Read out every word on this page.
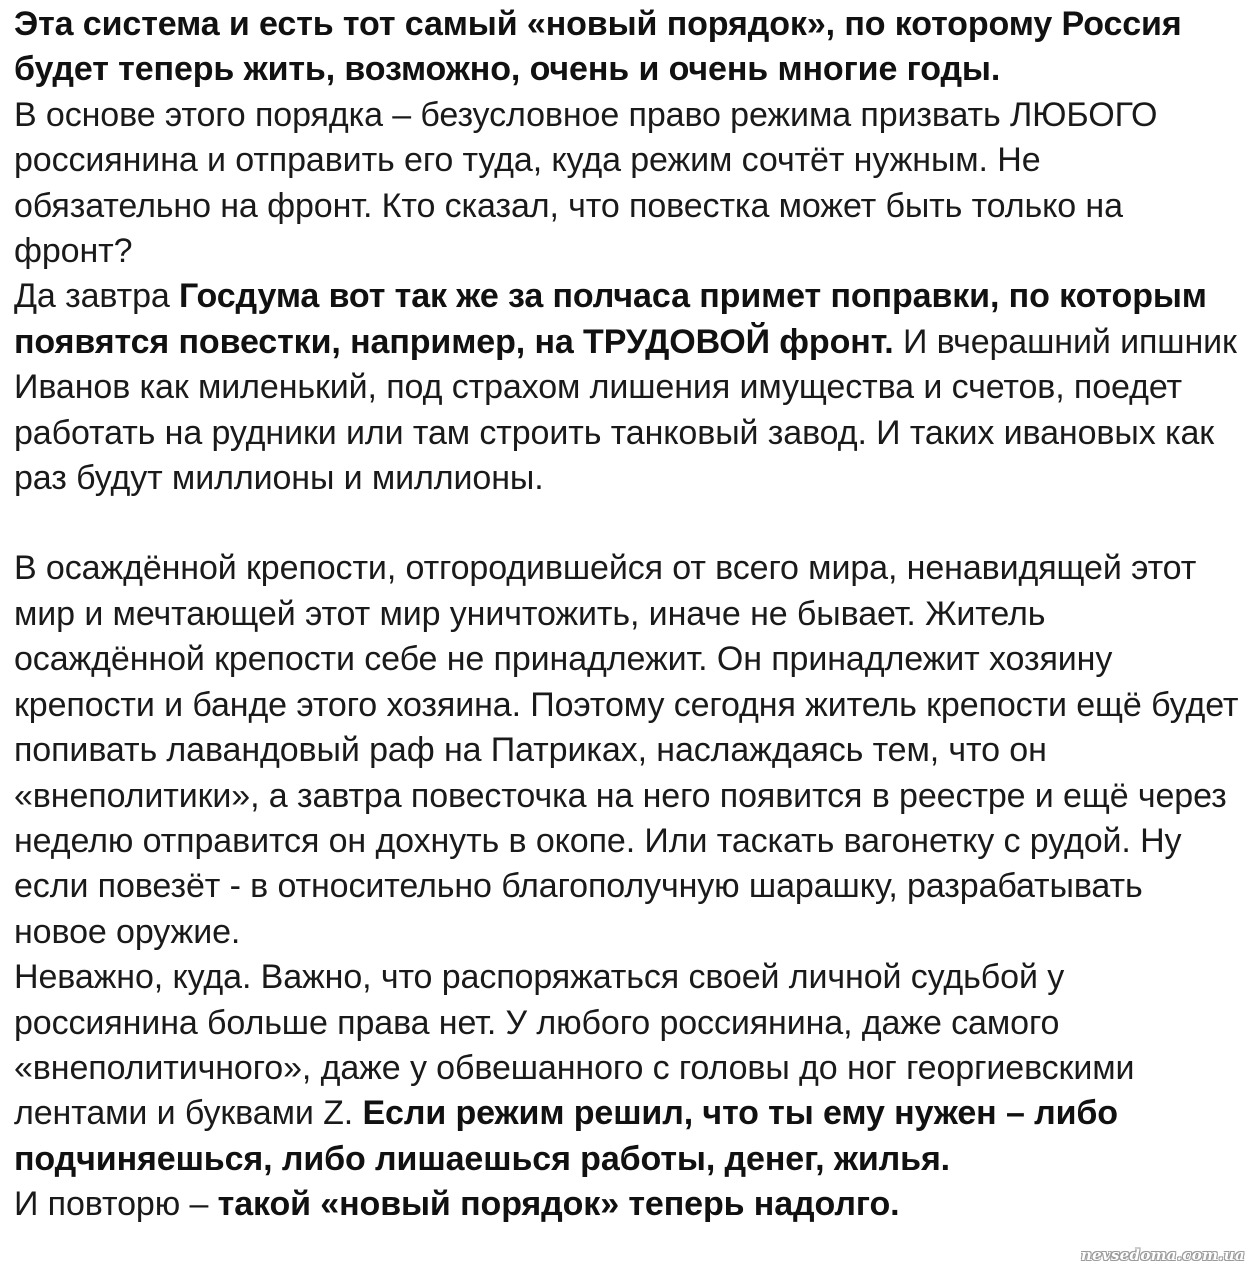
Эта система и есть тот самый «новый порядок», по которому Россия будет теперь жить, возможно, очень и очень многие годы.
В основе этого порядка – безусловное право режима призвать ЛЮБОГО россиянина и отправить его туда, куда режим сочтёт нужным. Не обязательно на фронт. Кто сказал, что повестка может быть только на фронт?

Да завтра Госдума вот так же за полчаса примет поправки, по которым появятся повестки, например, на ТРУДОВОЙ фронт. И вчерашний ипшник Иванов как миленький, под страхом лишения имущества и счетов, поедет работать на рудники или там строить танковый завод. И таких ивановых как раз будут миллионы и миллионы.

В осаждённой крепости, отгородившейся от всего мира, ненавидящей этот мир и мечтающей этот мир уничтожить, иначе не бывает. Житель осаждённой крепости себе не принадлежит. Он принадлежит хозяину крепости и банде этого хозяина. Поэтому сегодня житель крепости ещё будет попивать лавандовый раф на Патриках, наслаждаясь тем, что он «внеполитики», а завтра повесточка на него появится в реестре и ещё через неделю отправится он дохнуть в окопе. Или таскать вагонетку с рудой. Ну если повезёт - в относительно благополучную шарашку, разрабатывать новое оружие.

Неважно, куда. Важно, что распоряжаться своей личной судьбой у россиянина больше права нет. У любого россиянина, даже самого «внеполитичного», даже у обвешанного с головы до ног георгиевскими лентами и буквами Z. Если режим решил, что ты ему нужен – либо подчиняешься, либо лишаешься работы, денег, жилья.

И повторю – такой «новый порядок» теперь надолго.

nevsedoma.com.ua
